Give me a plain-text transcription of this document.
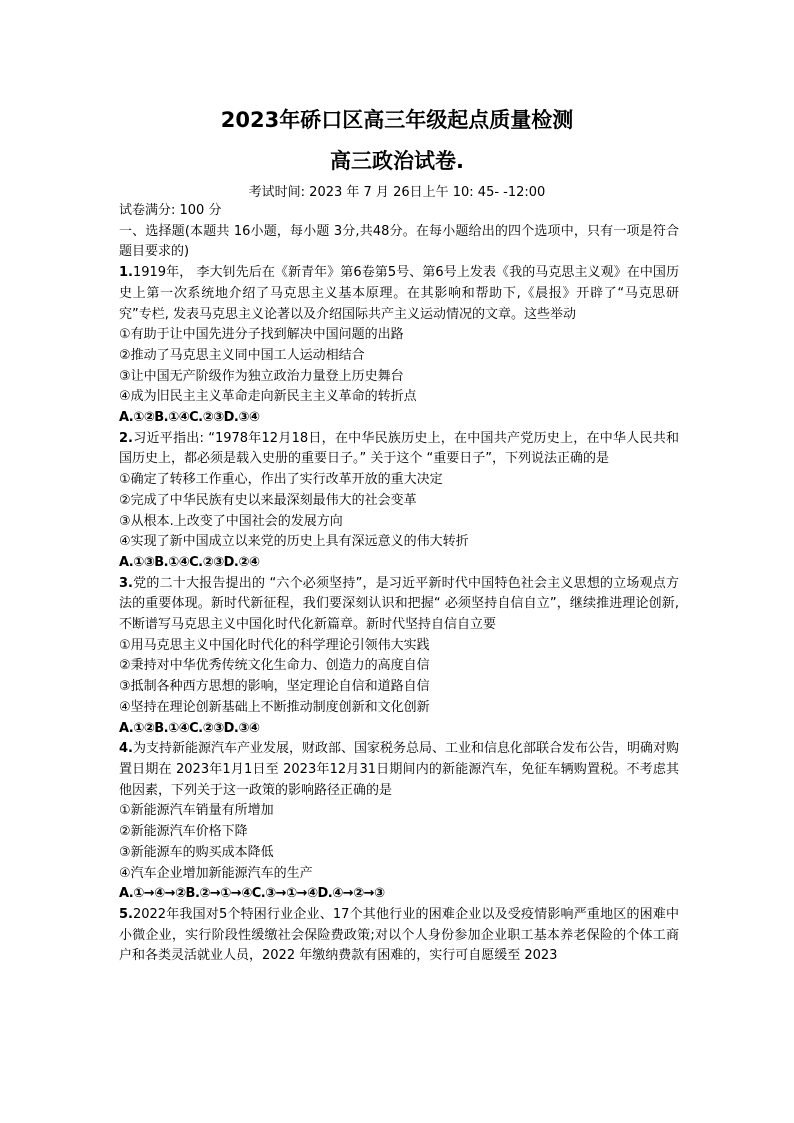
2023年硚口区高三年级起点质量检测
高三政治试卷.
考试时间: 2023 年 7 月 26日上午 10: 45- -12:00

试卷满分: 100 分

一、选择题(本题共 16小题，每小题 3分,共48分。在每小题给出的四个选项中，只有一项是符合题目要求的)

1.1919年， 李大钊先后在《新青年》第6卷第5号、第6号上发表《我的马克思主义观》在中国历史上第一次系统地介绍了马克思主义基本原理。在其影响和帮助下,《晨报》开辟了“马克思研究”专栏, 发表马克思主义论著以及介绍国际共产主义运动情况的文章。这些举动

①有助于让中国先进分子找到解决中国问题的出路

②推动了马克思主义同中国工人运动相结合

③让中国无产阶级作为独立政治力量登上历史舞台

④成为旧民主主义革命走向新民主主义革命的转折点

A.①②B.①④C.②③D.③④

2.习近平指出: “1978年12月18日，在中华民族历史上，在中国共产党历史上，在中华人民共和国历史上，都必须是载入史册的重要日子。” 关于这个 “重要日子”，下列说法正确的是

①确定了转移工作重心，作出了实行改革开放的重大决定

②完成了中华民族有史以来最深刻最伟大的社会变革

③从根本.上改变了中国社会的发展方向

④实现了新中国成立以来党的历史上具有深远意义的伟大转折

A.①③B.①④C.②③D.②④

3.党的二十大报告提出的 “六个必须坚持”，是习近平新时代中国特色社会主义思想的立场观点方法的重要体现。新时代新征程，我们要深刻认识和把握“ 必须坚持自信自立”，继续推进理论创新,不断谱写马克思主义中国化时代化新篇章。新时代坚持自信自立要

①用马克思主义中国化时代化的科学理论引领伟大实践

②秉持对中华优秀传统文化生命力、创造力的高度自信

③抵制各种西方思想的影响，坚定理论自信和道路自信

④坚持在理论创新基础上不断推动制度创新和文化创新

A.①②B.①④C.②③D.③④

4.为支持新能源汽车产业发展，财政部、国家税务总局、工业和信息化部联合发布公告，明确对购置日期在 2023年1月1日至 2023年12月31日期间内的新能源汽车，免征车辆购置税。不考虑其他因素，下列关于这一政策的影响路径正确的是

①新能源汽车销量有所增加

②新能源汽车价格下降

③新能源车的购买成本降低

④汽车企业增加新能源汽车的生产

A.①→④→②B.②→①→④C.③→①→④D.④→②→③

5.2022年我国对5个特困行业企业、17个其他行业的困难企业以及受疫情影响严重地区的困难中小微企业，实行阶段性缓缴社会保险费政策;对以个人身份参加企业职工基本养老保险的个体工商户和各类灵活就业人员，2022 年缴纳费款有困难的，实行可自愿缓至 2023
